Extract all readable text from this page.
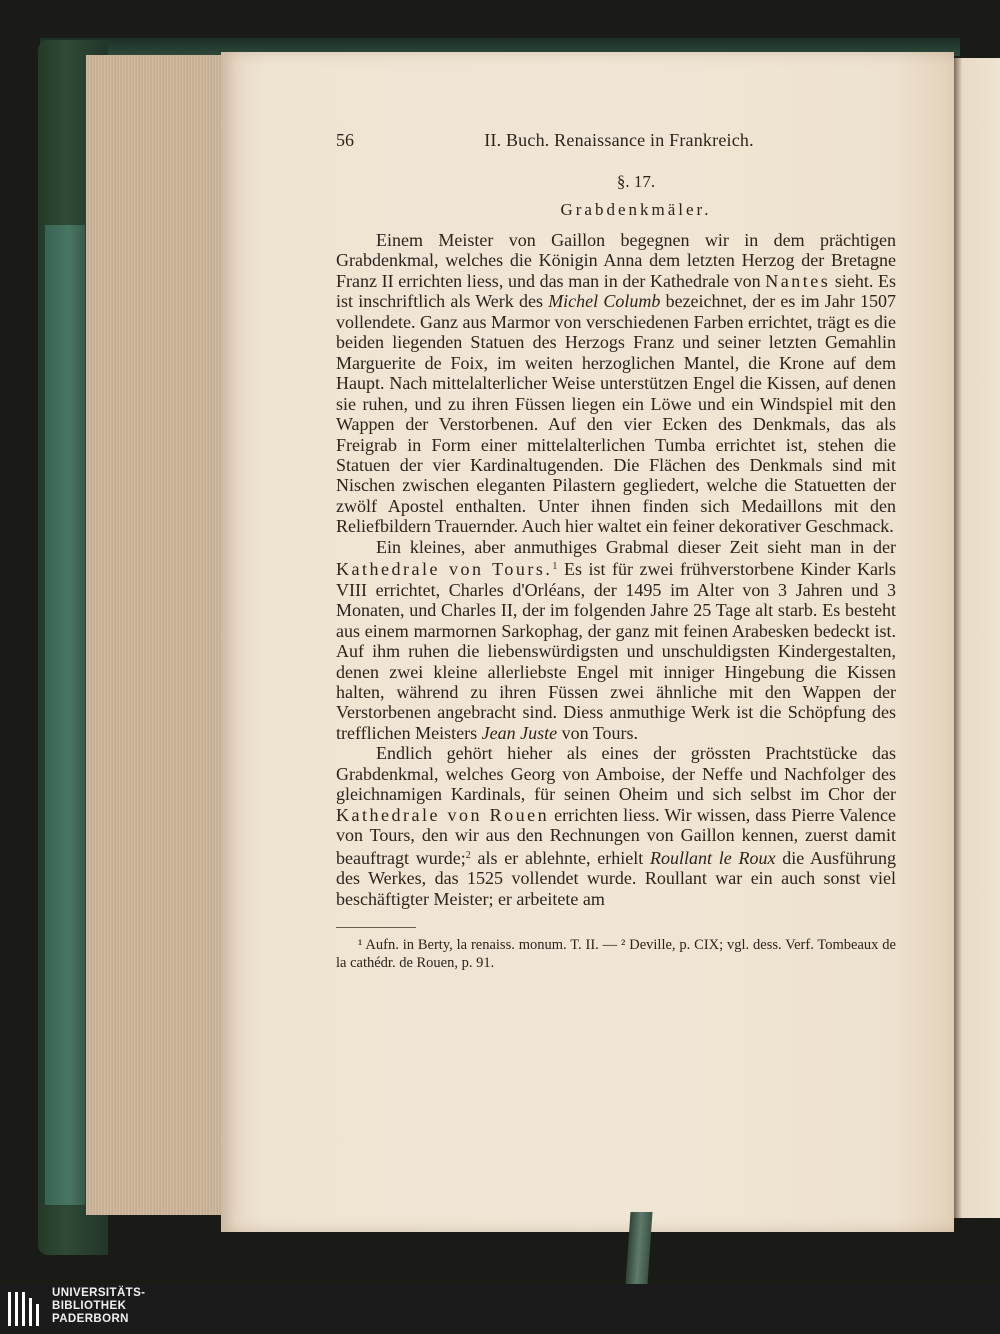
56	II. Buch. Renaissance in Frankreich.
§. 17.
Grabdenkmäler.

Einem Meister von Gaillon begegnen wir in dem prächtigen Grabdenkmal, welches die Königin Anna dem letzten Herzog der Bretagne Franz II errichten liess, und das man in der Kathedrale von Nantes sieht. Es ist inschriftlich als Werk des Michel Columb bezeichnet, der es im Jahr 1507 vollendete. Ganz aus Marmor von verschiedenen Farben errichtet, trägt es die beiden liegenden Statuen des Herzogs Franz und seiner letzten Gemahlin Marguerite de Foix, im weiten herzoglichen Mantel, die Krone auf dem Haupt. Nach mittelalterlicher Weise unterstützen Engel die Kissen, auf denen sie ruhen, und zu ihren Füssen liegen ein Löwe und ein Windspiel mit den Wappen der Verstorbenen. Auf den vier Ecken des Denkmals, das als Freigrab in Form einer mittelalterlichen Tumba errichtet ist, stehen die Statuen der vier Kardinaltugenden. Die Flächen des Denkmals sind mit Nischen zwischen eleganten Pilastern gegliedert, welche die Statuetten der zwölf Apostel enthalten. Unter ihnen finden sich Medaillons mit den Reliefbildern Trauernder. Auch hier waltet ein feiner dekorativer Geschmack.

Ein kleines, aber anmuthiges Grabmal dieser Zeit sieht man in der Kathedrale von Tours.$^1$ Es ist für zwei frühverstorbene Kinder Karls VIII errichtet, Charles d'Orléans, der 1495 im Alter von 3 Jahren und 3 Monaten, und Charles II, der im folgenden Jahre 25 Tage alt starb. Es besteht aus einem marmornen Sarkophag, der ganz mit feinen Arabesken bedeckt ist. Auf ihm ruhen die liebenswürdigsten und unschuldigsten Kindergestalten, denen zwei kleine allerliebste Engel mit inniger Hingebung die Kissen halten, während zu ihren Füssen zwei ähnliche mit den Wappen der Verstorbenen angebracht sind. Diess anmuthige Werk ist die Schöpfung des trefflichen Meisters Jean Juste von Tours.

Endlich gehört hieher als eines der grössten Prachtstücke das Grabdenkmal, welches Georg von Amboise, der Neffe und Nachfolger des gleichnamigen Kardinals, für seinen Oheim und sich selbst im Chor der Kathedrale von Rouen errichten liess. Wir wissen, dass Pierre Valence von Tours, den wir aus den Rechnungen von Gaillon kennen, zuerst damit beauftragt wurde;$^2$ als er ablehnte, erhielt Roullant le Roux die Ausführung des Werkes, das 1525 vollendet wurde. Roullant war ein auch sonst viel beschäftigter Meister; er arbeitete am

¹ Aufn. in Berty, la renaiss. monum. T. II. — ² Deville, p. CIX; vgl. dess. Verf. Tombeaux de la cathédr. de Rouen, p. 91.

UNIVERSITÄTS-
BIBLIOTHEK
PADERBORN
